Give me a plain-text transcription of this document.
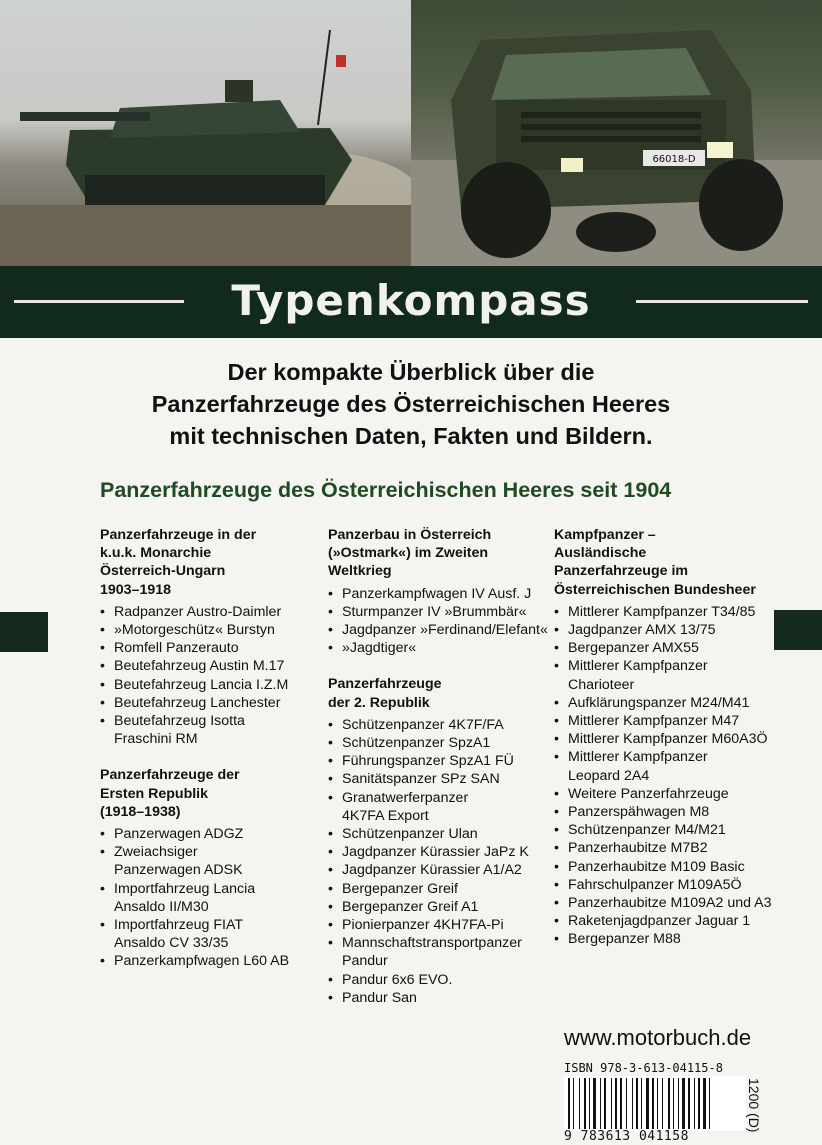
66018-D
Typenkompass
Der kompakte Überblick über die
Panzerfahrzeuge des Österreichischen Heeres
mit technischen Daten, Fakten und Bildern.
Panzerfahrzeuge des Österreichischen Heeres seit 1904
Panzerfahrzeuge in der
k.u.k. Monarchie
Österreich-Ungarn
1903–1918
• Radpanzer Austro-Daimler
• »Motorgeschütz« Burstyn
• Romfell Panzerauto
• Beutefahrzeug Austin M.17
• Beutefahrzeug Lancia I.Z.M
• Beutefahrzeug Lanchester
• Beutefahrzeug Isotta
Fraschini RM
Panzerfahrzeuge der
Ersten Republik
(1918–1938)
• Panzerwagen ADGZ
• Zweiachsiger
Panzerwagen ADSK
• Importfahrzeug Lancia
Ansaldo II/M30
• Importfahrzeug FIAT
Ansaldo CV 33/35
• Panzerkampfwagen L60 AB
Panzerbau in Österreich
(»Ostmark«) im Zweiten
Weltkrieg
• Panzerkampfwagen IV Ausf. J
• Sturmpanzer IV »Brummbär«
• Jagdpanzer »Ferdinand/Elefant«
• »Jagdtiger«
Panzerfahrzeuge
der 2. Republik
• Schützenpanzer 4K7F/FA
• Schützenpanzer SpzA1
• Führungspanzer SpzA1 FÜ
• Sanitätspanzer SPz SAN
• Granatwerferpanzer
4K7FA Export
• Schützenpanzer Ulan
• Jagdpanzer Kürassier JaPz K
• Jagdpanzer Kürassier A1/A2
• Bergepanzer Greif
• Bergepanzer Greif A1
• Pionierpanzer 4KH7FA-Pi
• Mannschaftstransportpanzer
Pandur
• Pandur 6x6 EVO.
• Pandur San
Kampfpanzer –
Ausländische
Panzerfahrzeuge im
Österreichischen Bundesheer
• Mittlerer Kampfpanzer T34/85
• Jagdpanzer AMX 13/75
• Bergepanzer AMX55
• Mittlerer Kampfpanzer
Charioteer
• Aufklärungspanzer M24/M41
• Mittlerer Kampfpanzer M47
• Mittlerer Kampfpanzer M60A3Ö
• Mittlerer Kampfpanzer
Leopard 2A4
• Weitere Panzerfahrzeuge
• Panzerspähwagen M8
• Schützenpanzer M4/M21
• Panzerhaubitze M7B2
• Panzerhaubitze M109 Basic
• Fahrschulpanzer M109A5Ö
• Panzerhaubitze M109A2 und A3
• Raketenjagdpanzer Jaguar 1
• Bergepanzer M88
www.motorbuch.de
ISBN 978-3-613-04115-8
9 783613 041158
1200 (D)
